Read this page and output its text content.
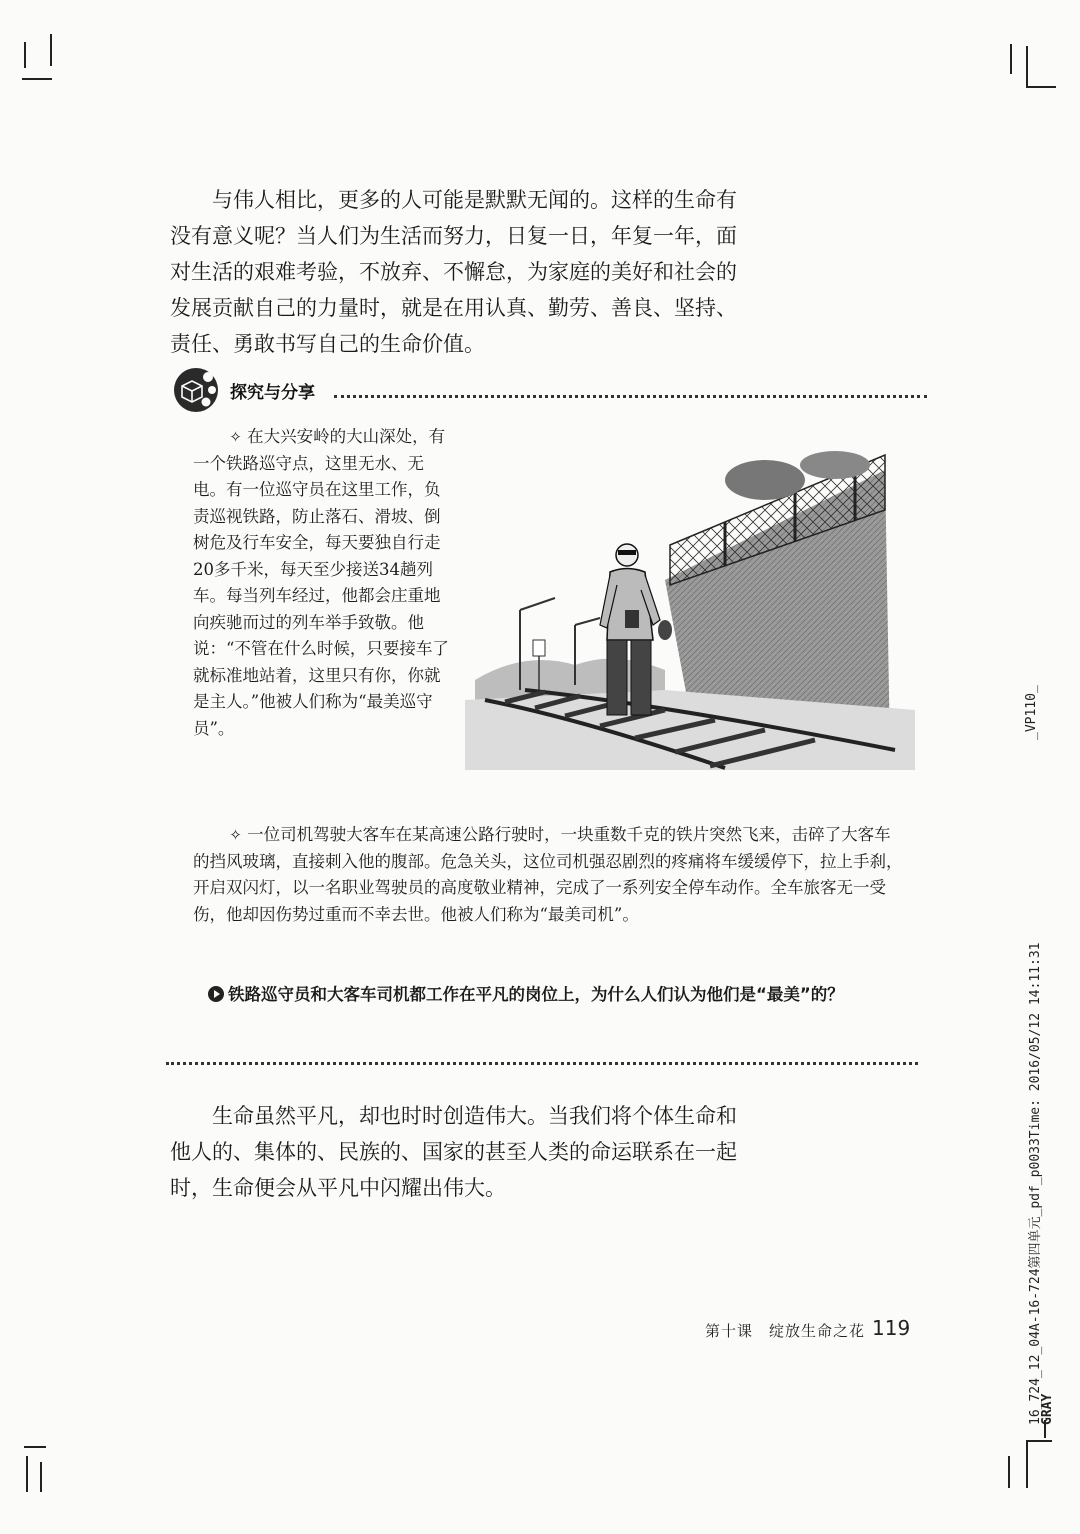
与伟人相比，更多的人可能是默默无闻的。这样的生命有没有意义呢？当人们为生活而努力，日复一日，年复一年，面对生活的艰难考验，不放弃、不懈怠，为家庭的美好和社会的发展贡献自己的力量时，就是在用认真、勤劳、善良、坚持、责任、勇敢书写自己的生命价值。

探究与分享
✧ 在大兴安岭的大山深处，有一个铁路巡守点，这里无水、无电。有一位巡守员在这里工作，负责巡视铁路，防止落石、滑坡、倒树危及行车安全，每天要独自行走20多千米，每天至少接送34趟列车。每当列车经过，他都会庄重地向疾驰而过的列车举手致敬。他说：“不管在什么时候，只要接车了就标准地站着，这里只有你，你就是主人。”他被人们称为“最美巡守员”。
✧ 一位司机驾驶大客车在某高速公路行驶时，一块重数千克的铁片突然飞来，击碎了大客车的挡风玻璃，直接刺入他的腹部。危急关头，这位司机强忍剧烈的疼痛将车缓缓停下，拉上手刹，开启双闪灯，以一名职业驾驶员的高度敬业精神，完成了一系列安全停车动作。全车旅客无一受伤，他却因伤势过重而不幸去世。他被人们称为“最美司机”。
铁路巡守员和大客车司机都工作在平凡的岗位上，为什么人们认为他们是“最美”的？

生命虽然平凡，却也时时创造伟大。当我们将个体生命和他人的、集体的、民族的、国家的甚至人类的命运联系在一起时，生命便会从平凡中闪耀出伟大。

第十课　绽放生命之花 119
_VP110_
16_724_12_04A-16-724第四单元_pdf_p0033Time: 2016/05/12 14:11:31
GRAY
